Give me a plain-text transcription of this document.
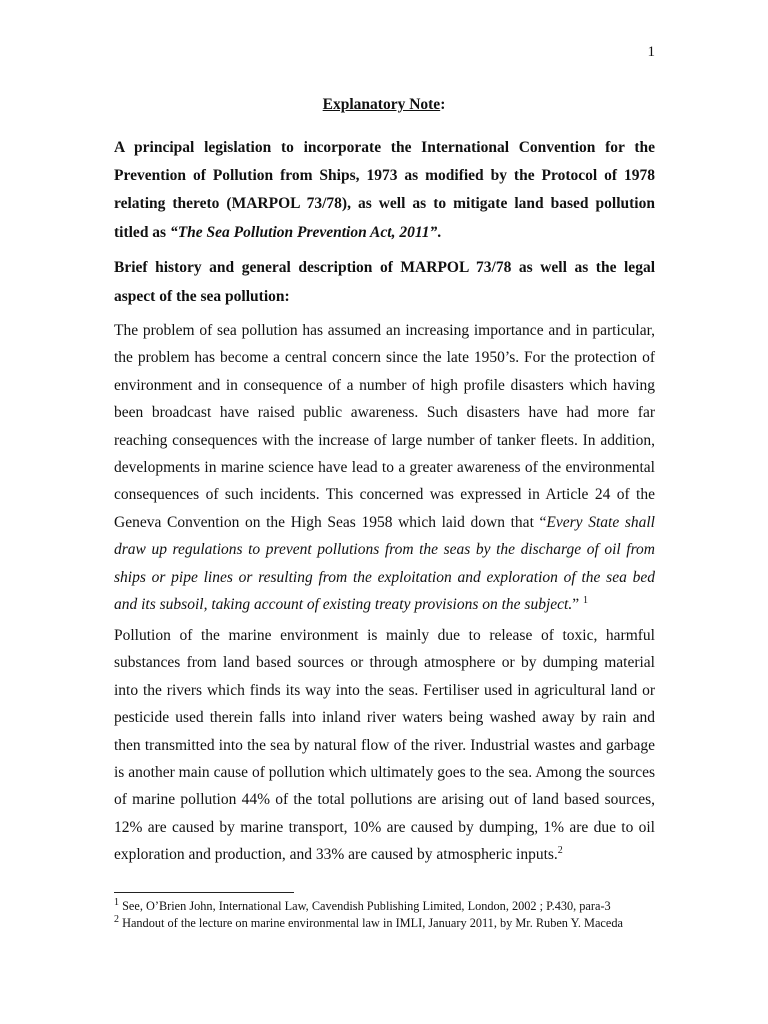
1
Explanatory Note:
A principal legislation to incorporate the International Convention for the Prevention of Pollution from Ships, 1973 as modified by the Protocol of 1978 relating thereto (MARPOL 73/78), as well as to mitigate land based pollution titled as “The Sea Pollution Prevention Act, 2011”.
Brief history and general description of MARPOL 73/78 as well as the legal aspect of the sea pollution:
The problem of sea pollution has assumed an increasing importance and in particular, the problem has become a central concern since the late 1950’s. For the protection of environment and in consequence of a number of high profile disasters which having been broadcast have raised public awareness. Such disasters have had more far reaching consequences with the increase of large number of tanker fleets. In addition, developments in marine science have lead to a greater awareness of the environmental consequences of such incidents. This concerned was expressed in Article 24 of the Geneva Convention on the High Seas 1958 which laid down that “Every State shall draw up regulations to prevent pollutions from the seas by the discharge of oil from ships or pipe lines or resulting from the exploitation and exploration of the sea bed and its subsoil, taking account of existing treaty provisions on the subject.” $^1$
Pollution of the marine environment is mainly due to release of toxic, harmful substances from land based sources or through atmosphere or by dumping material into the rivers which finds its way into the seas. Fertiliser used in agricultural land or pesticide used therein falls into inland river waters being washed away by rain and then transmitted into the sea by natural flow of the river. Industrial wastes and garbage is another main cause of pollution which ultimately goes to the sea. Among the sources of marine pollution 44% of the total pollutions are arising out of land based sources, 12% are caused by marine transport, 10% are caused by dumping, 1% are due to oil exploration and production, and 33% are caused by atmospheric inputs.$^2$
$^1$ See, O’Brien John, International Law, Cavendish Publishing Limited, London, 2002 ; P.430, para-3
$^2$ Handout of the lecture on marine environmental law in IMLI, January 2011, by Mr. Ruben Y. Maceda
